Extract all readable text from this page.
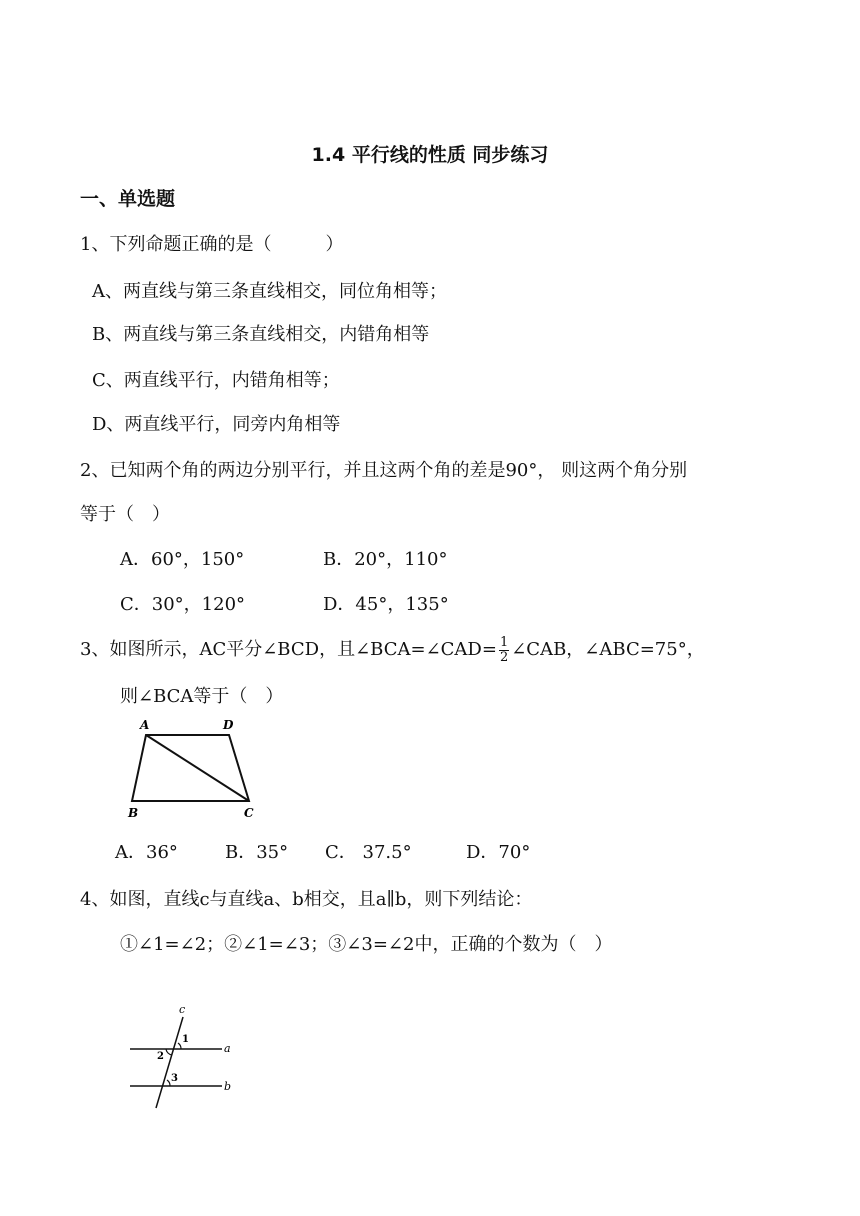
1.4 平行线的性质 同步练习
一、单选题
1、下列命题正确的是（　　　）
A、两直线与第三条直线相交，同位角相等；
B、两直线与第三条直线相交，内错角相等
C、两直线平行，内错角相等；
D、两直线平行，同旁内角相等
2、已知两个角的两边分别平行，并且这两个角的差是90°， 则这两个角分别
等于（　）
A．60°，150°	B．20°，110°
C．30°，120°	D．45°，135°
3、如图所示，AC平分∠BCD，且∠BCA=∠CAD= $\frac{1}{2}$ ∠CAB，∠ABC=75°，
则∠BCA等于（　）
A	D
B	C
A．36°	B．35° C． 37.5°	D．70°
4、如图，直线c与直线a、b相交，且a∥b，则下列结论：
①∠1=∠2；②∠1=∠3；③∠3=∠2中，正确的个数为（　）
c
a
b
1
2
3
